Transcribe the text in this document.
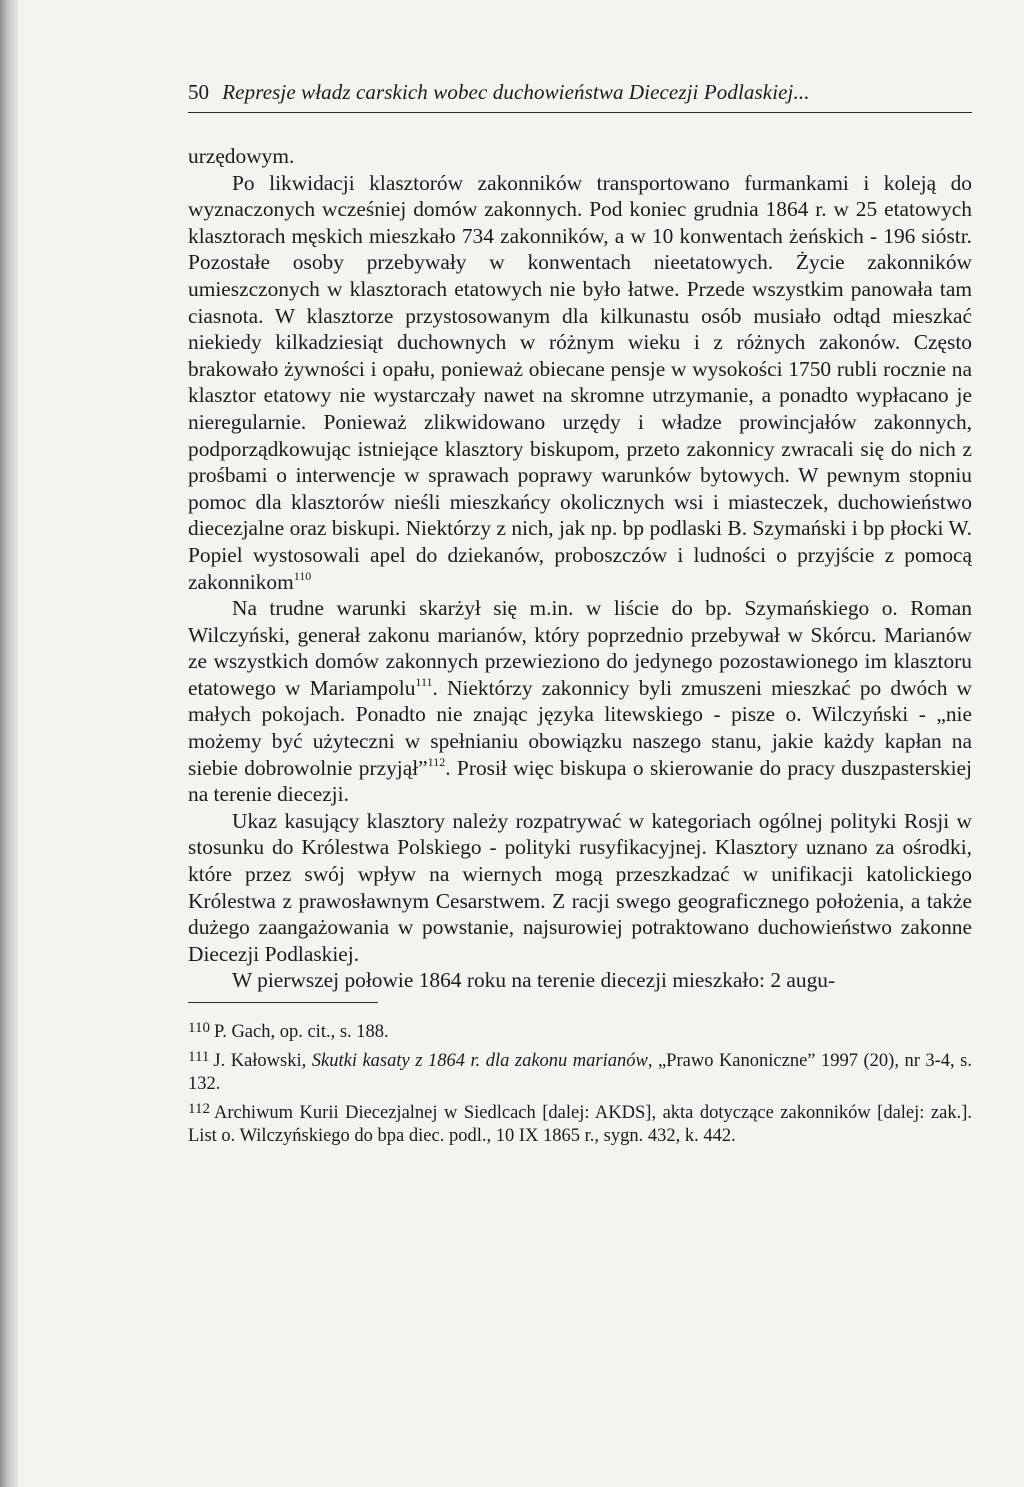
50 Represje władz carskich wobec duchowieństwa Diecezji Podlaskiej...

urzędowym.

Po likwidacji klasztorów zakonników transportowano furmankami i koleją do wyznaczonych wcześniej domów zakonnych. Pod koniec grudnia 1864 r. w 25 etatowych klasztorach męskich mieszkało 734 zakonników, a w 10 konwentach żeńskich - 196 sióstr. Pozostałe osoby przebywały w konwentach nieetatowych. Życie zakonników umieszczonych w klasztorach etatowych nie było łatwe. Przede wszystkim panowała tam ciasnota. W klasztorze przystosowanym dla kilkunastu osób musiało odtąd mieszkać niekiedy kilkadziesiąt duchownych w różnym wieku i z różnych zakonów. Często brakowało żywności i opału, ponieważ obiecane pensje w wysokości 1750 rubli rocznie na klasztor etatowy nie wystarczały nawet na skromne utrzymanie, a ponadto wypłacano je nieregularnie. Ponieważ zlikwidowano urzędy i władze prowincjałów zakonnych, podporządkowując istniejące klasztory biskupom, przeto zakonnicy zwracali się do nich z prośbami o interwencje w sprawach poprawy warunków bytowych. W pewnym stopniu pomoc dla klasztorów nieśli mieszkańcy okolicznych wsi i miasteczek, duchowieństwo diecezjalne oraz biskupi. Niektórzy z nich, jak np. bp podlaski B. Szymański i bp płocki W. Popiel wystosowali apel do dziekanów, proboszczów i ludności o przyjście z pomocą zakonnikom$^{110}$

Na trudne warunki skarżył się m.in. w liście do bp. Szymańskiego o. Roman Wilczyński, generał zakonu marianów, który poprzednio przebywał w Skórcu. Marianów ze wszystkich domów zakonnych przewieziono do jedynego pozostawionego im klasztoru etatowego w Mariampolu$^{111}$. Niektórzy zakonnicy byli zmuszeni mieszkać po dwóch w małych pokojach. Ponadto nie znając języka litewskiego - pisze o. Wilczyński - „nie możemy być użyteczni w spełnianiu obowiązku naszego stanu, jakie każdy kapłan na siebie dobrowolnie przyjął”$^{112}$. Prosił więc biskupa o skierowanie do pracy duszpasterskiej na terenie diecezji.

Ukaz kasujący klasztory należy rozpatrywać w kategoriach ogólnej polityki Rosji w stosunku do Królestwa Polskiego - polityki rusyfikacyjnej. Klasztory uznano za ośrodki, które przez swój wpływ na wiernych mogą przeszkadzać w unifikacji katolickiego Królestwa z prawosławnym Cesarstwem. Z racji swego geograficznego położenia, a także dużego zaangażowania w powstanie, najsurowiej potraktowano duchowieństwo zakonne Diecezji Podlaskiej.

W pierwszej połowie 1864 roku na terenie diecezji mieszkało: 2 augu-

$^{110}$ P. Gach, op. cit., s. 188.

$^{111}$ J. Kałowski, Skutki kasaty z 1864 r. dla zakonu marianów, „Prawo Kanoniczne” 1997 (20), nr 3-4, s. 132.

$^{112}$ Archiwum Kurii Diecezjalnej w Siedlcach [dalej: AKDS], akta dotyczące zakonników [dalej: zak.]. List o. Wilczyńskiego do bpa diec. podl., 10 IX 1865 r., sygn. 432, k. 442.
